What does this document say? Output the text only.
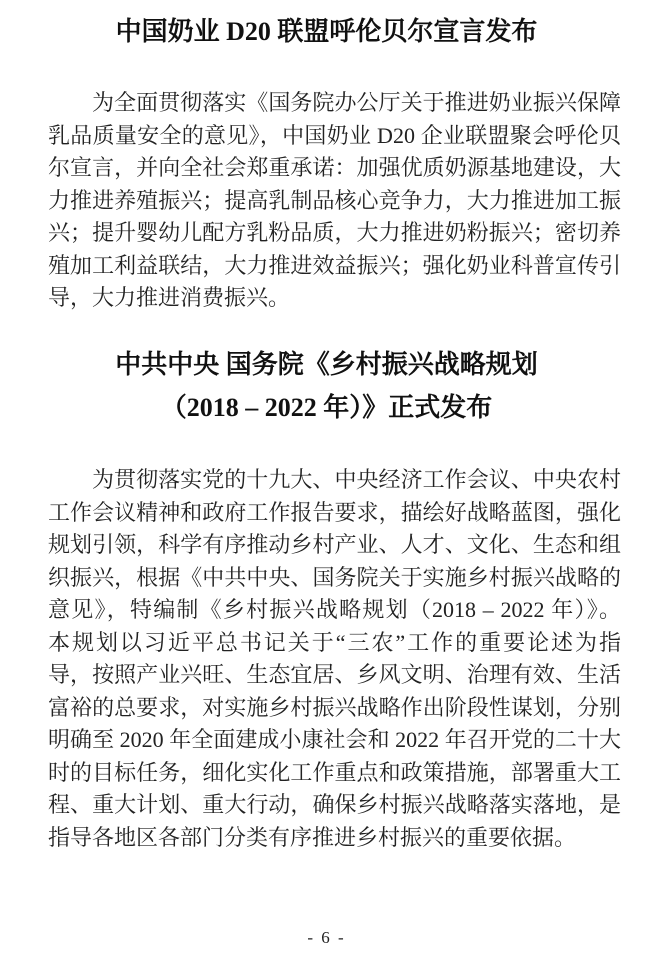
中国奶业 D20 联盟呼伦贝尔宣言发布
为全面贯彻落实《国务院办公厅关于推进奶业振兴保障
乳品质量安全的意见》，中国奶业 D20 企业联盟聚会呼伦贝
尔宣言，并向全社会郑重承诺：加强优质奶源基地建设，大
力推进养殖振兴；提高乳制品核心竞争力，大力推进加工振
兴；提升婴幼儿配方乳粉品质，大力推进奶粉振兴；密切养
殖加工利益联结，大力推进效益振兴；强化奶业科普宣传引
导，大力推进消费振兴。
中共中央 国务院《乡村振兴战略规划
（2018 – 2022 年）》正式发布
为贯彻落实党的十九大、中央经济工作会议、中央农村
工作会议精神和政府工作报告要求，描绘好战略蓝图，强化
规划引领，科学有序推动乡村产业、人才、文化、生态和组
织振兴，根据《中共中央、国务院关于实施乡村振兴战略的
意见》，特编制《乡村振兴战略规划（2018 – 2022 年）》。
本规划以习近平总书记关于“三农”工作的重要论述为指
导，按照产业兴旺、生态宜居、乡风文明、治理有效、生活
富裕的总要求，对实施乡村振兴战略作出阶段性谋划，分别
明确至 2020 年全面建成小康社会和 2022 年召开党的二十大
时的目标任务，细化实化工作重点和政策措施，部署重大工
程、重大计划、重大行动，确保乡村振兴战略落实落地，是
指导各地区各部门分类有序推进乡村振兴的重要依据。
- 6 -
